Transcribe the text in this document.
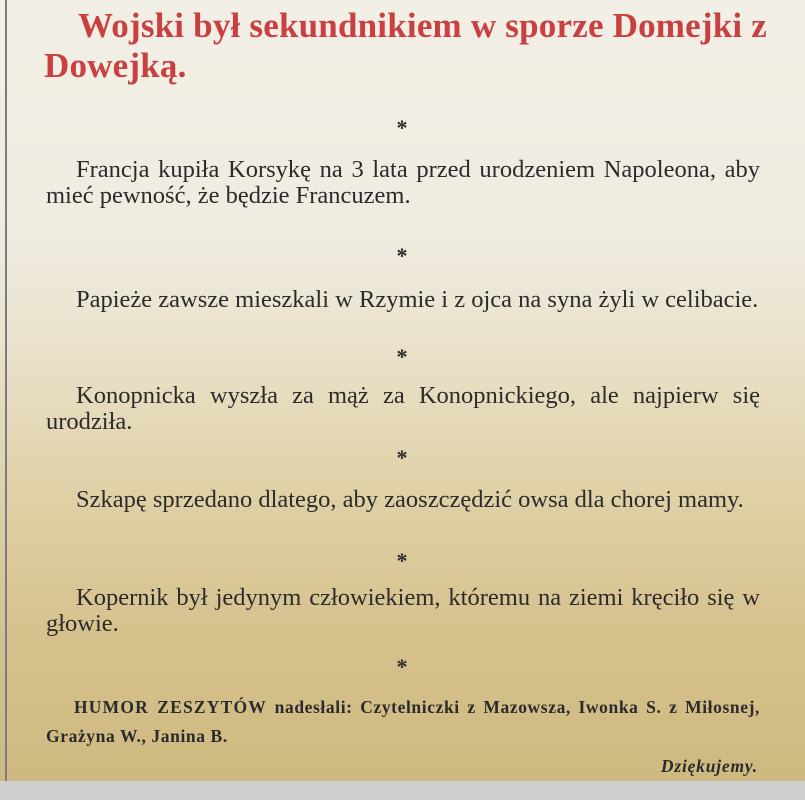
Wojski był sekundnikiem w sporze Domejki z Dowejką.
*

Francja kupiła Korsykę na 3 lata przed urodzeniem Napoleona, aby mieć pewność, że będzie Francuzem.

*

Papieże zawsze mieszkali w Rzymie i z ojca na syna żyli w celibacie.

*

Konopnicka wyszła za mąż za Konopnickiego, ale najpierw się urodziła.

*

Szkapę sprzedano dlatego, aby zaoszczędzić owsa dla chorej mamy.

*

Kopernik był jedynym człowiekiem, któremu na ziemi kręciło się w głowie.

*

HUMOR ZESZYTÓW nadesłali: Czytelniczki z Mazowsza, Iwonka S. z Miłosnej, Grażyna W., Janina B.

Dziękujemy.
